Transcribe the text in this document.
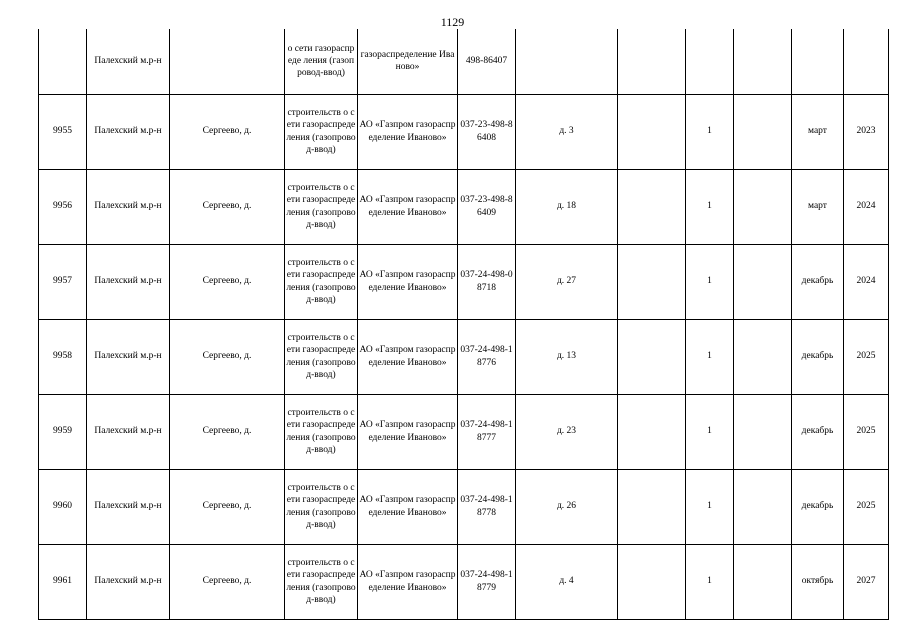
1129
	Палехский м.р-н		о сети газораспреде ления (газопровод-ввод)	газораспределение Иваново»	498-86407						
9955	Палехский м.р-н	Сергеево, д.	строительств о сети газораспреде ления (газопровод-ввод)	АО «Газпром газораспределение Иваново»	037-23-498-86408	д. 3		1		март	2023
9956	Палехский м.р-н	Сергеево, д.	строительств о сети газораспреде ления (газопровод-ввод)	АО «Газпром газораспределение Иваново»	037-23-498-86409	д. 18		1		март	2024
9957	Палехский м.р-н	Сергеево, д.	строительств о сети газораспреде ления (газопровод-ввод)	АО «Газпром газораспределение Иваново»	037-24-498-08718	д. 27		1		декабрь	2024
9958	Палехский м.р-н	Сергеево, д.	строительств о сети газораспреде ления (газопровод-ввод)	АО «Газпром газораспределение Иваново»	037-24-498-18776	д. 13		1		декабрь	2025
9959	Палехский м.р-н	Сергеево, д.	строительств о сети газораспреде ления (газопровод-ввод)	АО «Газпром газораспределение Иваново»	037-24-498-18777	д. 23		1		декабрь	2025
9960	Палехский м.р-н	Сергеево, д.	строительств о сети газораспреде ления (газопровод-ввод)	АО «Газпром газораспределение Иваново»	037-24-498-18778	д. 26		1		декабрь	2025
9961	Палехский м.р-н	Сергеево, д.	строительств о сети газораспреде ления (газопровод-ввод)	АО «Газпром газораспределение Иваново»	037-24-498-18779	д. 4		1		октябрь	2027
